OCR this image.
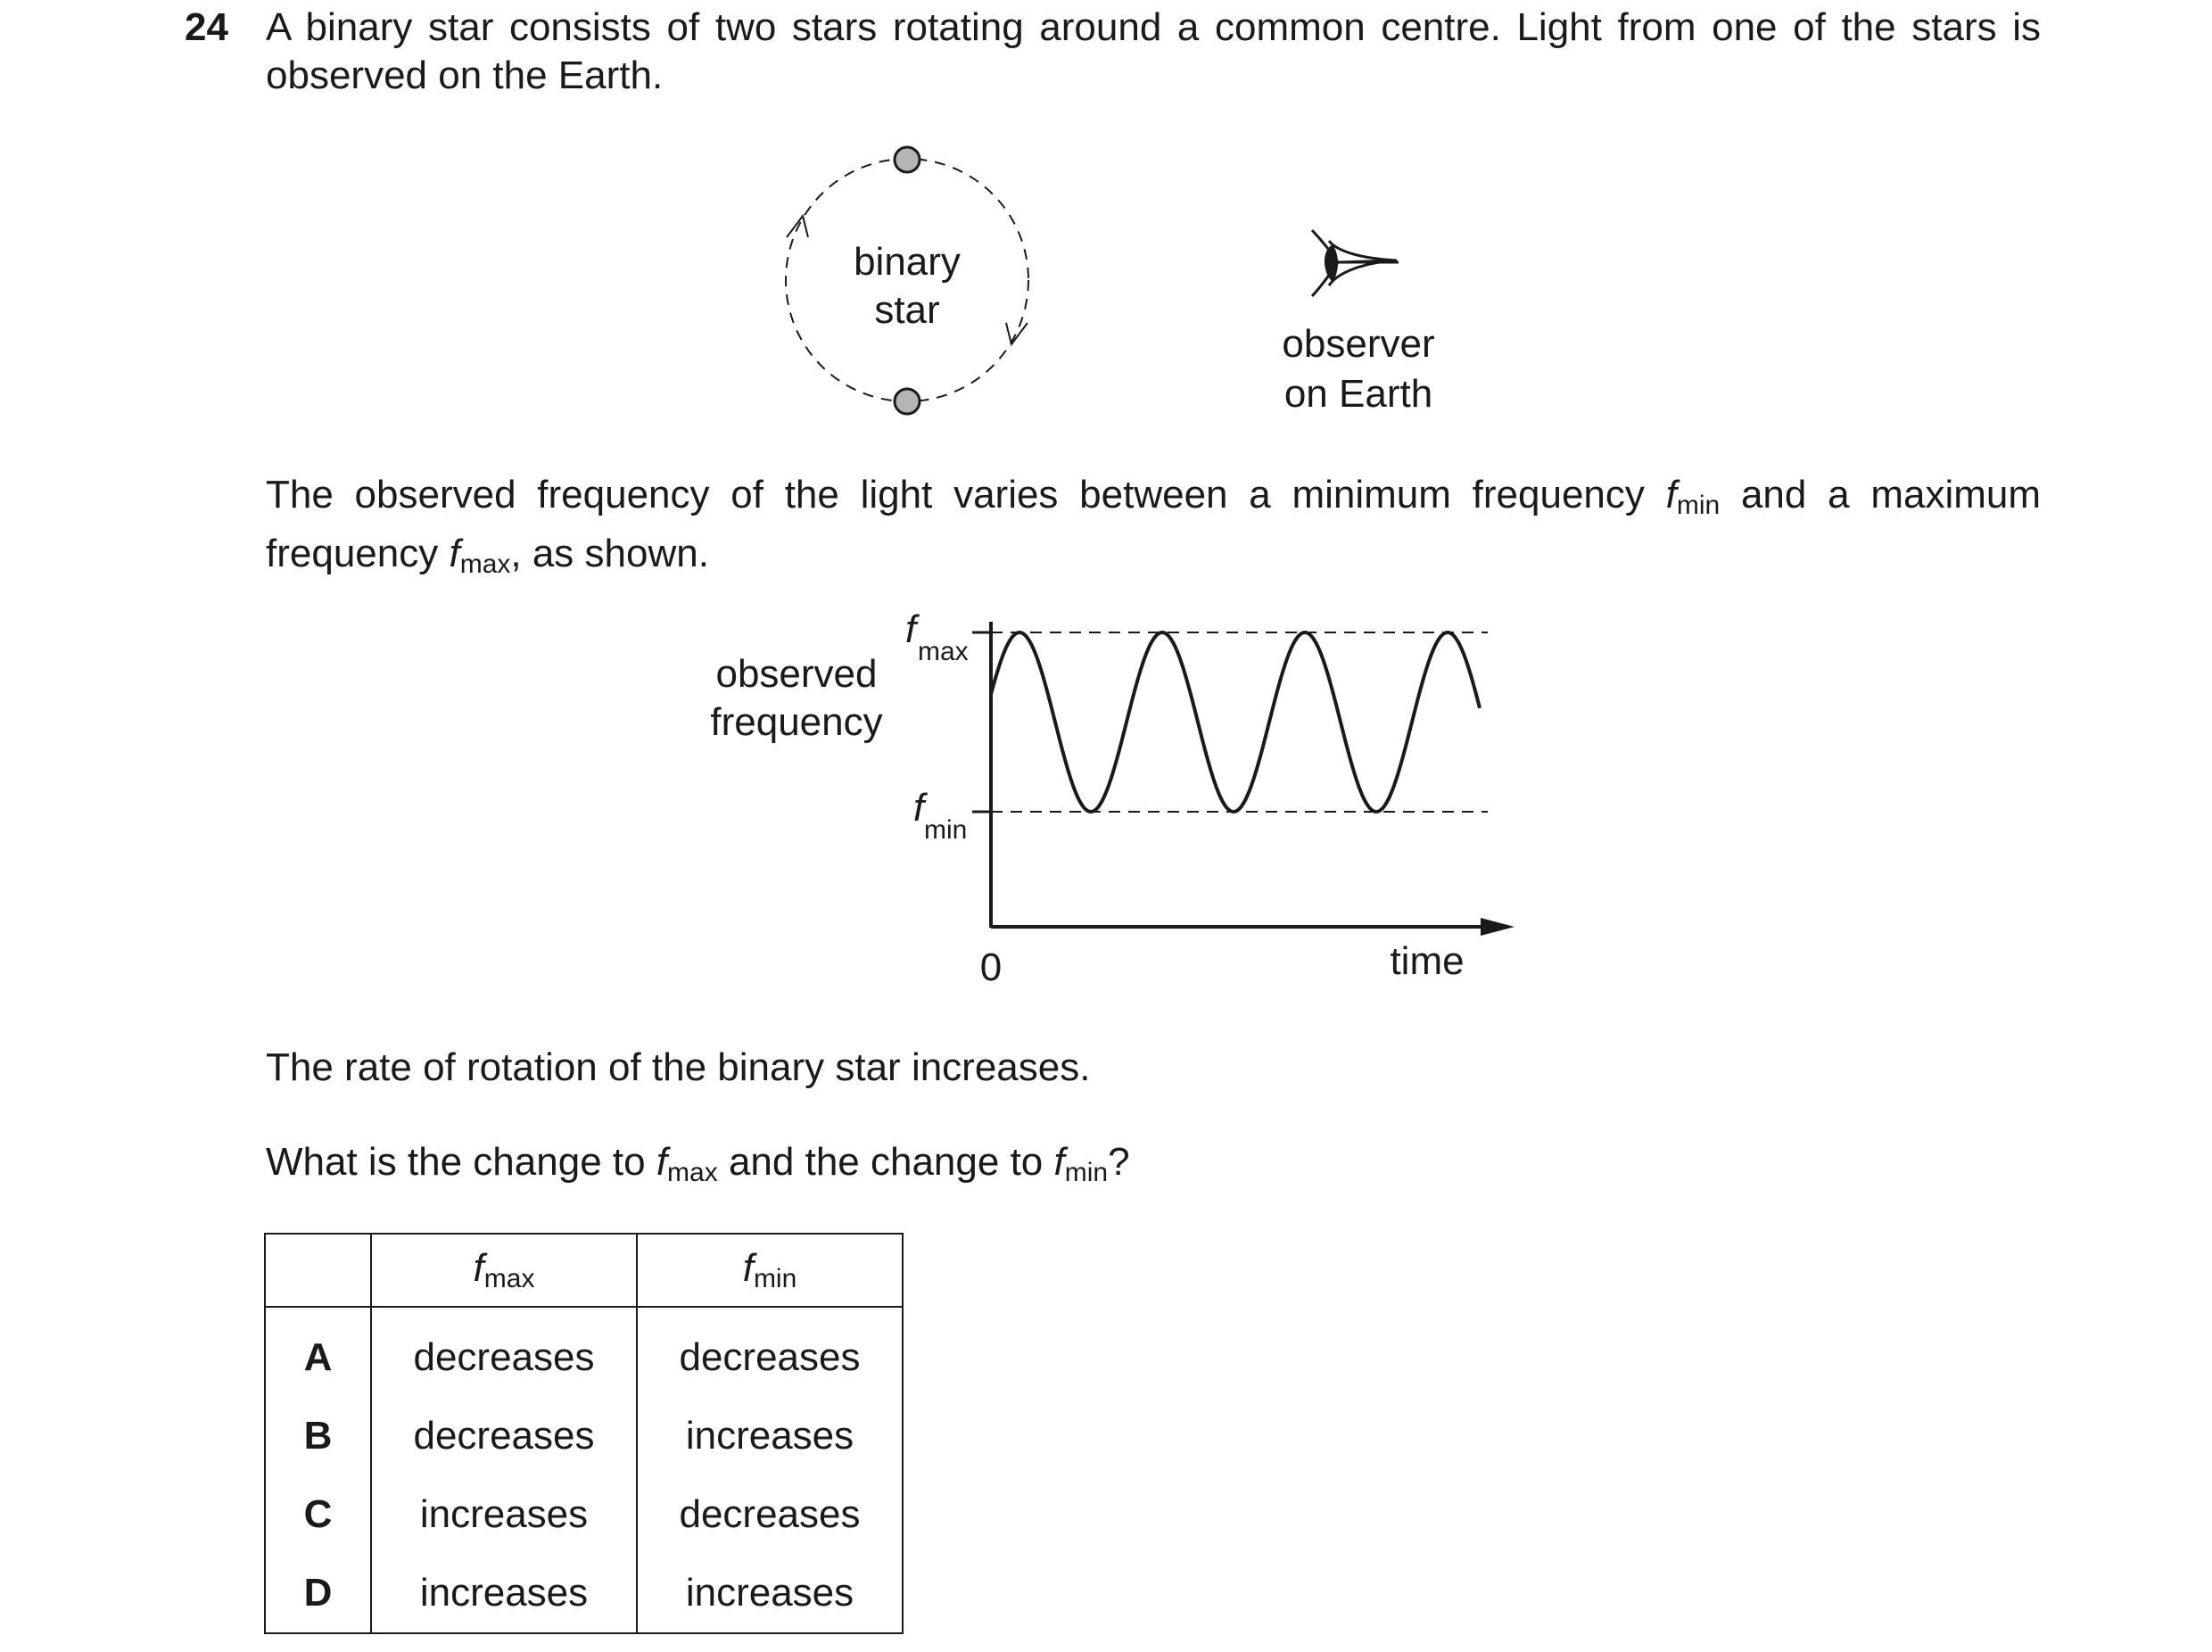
24 A binary star consists of two stars rotating around a common centre. Light from one of the stars is observed on the Earth.

binary
star
observer
on Earth
observed
frequency
fmax
fmin
0	time

The observed frequency of the light varies between a minimum frequency $f_{min}$ and a maximum frequency $f_{max}$, as shown.

The rate of rotation of the binary star increases.

What is the change to $f_{max}$ and the change to $f_{min}$?

	$f_{max}$	$f_{min}$
A	decreases	decreases
B	decreases	increases
C	increases	decreases
D	increases	increases
